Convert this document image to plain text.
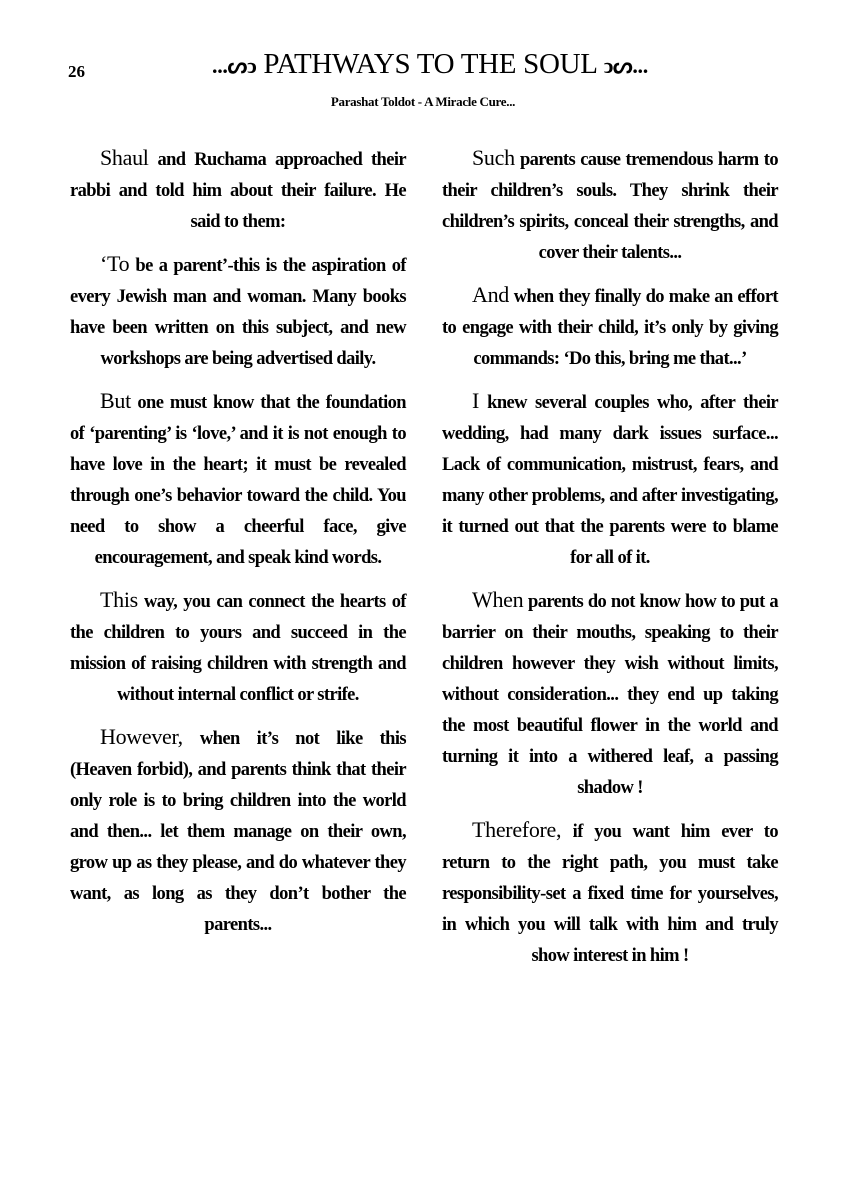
26	...ᔕↄ PATHWAYS TO THE SOUL ↄᔕ...
Parashat Toldot - A Miracle Cure...

Shaul and Ruchama approached their rabbi and told him about their failure. He said to them:

‘To be a parent’-this is the aspiration of every Jewish man and woman. Many books have been written on this subject, and new workshops are being advertised daily.

But one must know that the foundation of ‘parenting’ is ‘love,’ and it is not enough to have love in the heart; it must be revealed through one’s behavior toward the child. You need to show a cheerful face, give encouragement, and speak kind words.

This way, you can connect the hearts of the children to yours and succeed in the mission of raising children with strength and without internal conflict or strife.

However, when it’s not like this (Heaven forbid), and parents think that their only role is to bring children into the world and then... let them manage on their own, grow up as they please, and do whatever they want, as long as they don’t bother the parents...

Such parents cause tremendous harm to their children’s souls. They shrink their children’s spirits, conceal their strengths, and cover their talents...

And when they finally do make an effort to engage with their child, it’s only by giving commands: ‘Do this, bring me that...’

I knew several couples who, after their wedding, had many dark issues surface... Lack of communication, mistrust, fears, and many other problems, and after investigating, it turned out that the parents were to blame for all of it.

When parents do not know how to put a barrier on their mouths, speaking to their children however they wish without limits, without consideration... they end up taking the most beautiful flower in the world and turning it into a withered leaf, a passing shadow !

Therefore, if you want him ever to return to the right path, you must take responsibility-set a fixed time for yourselves, in which you will talk with him and truly show interest in him !
